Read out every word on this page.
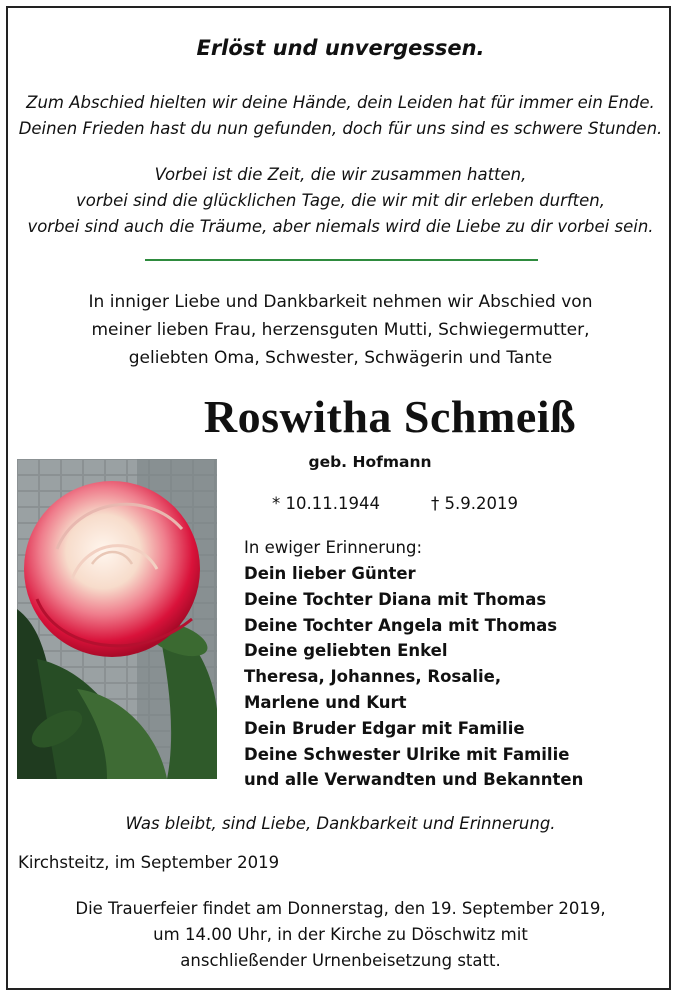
Erlöst und unvergessen.
Zum Abschied hielten wir deine Hände, dein Leiden hat für immer ein Ende.
Deinen Frieden hast du nun gefunden, doch für uns sind es schwere Stunden.
Vorbei ist die Zeit, die wir zusammen hatten,
vorbei sind die glücklichen Tage, die wir mit dir erleben durften,
vorbei sind auch die Träume, aber niemals wird die Liebe zu dir vorbei sein.
In inniger Liebe und Dankbarkeit nehmen wir Abschied von
meiner lieben Frau, herzensguten Mutti, Schwiegermutter,
geliebten Oma, Schwester, Schwägerin und Tante
Roswitha Schmeiß
geb. Hofmann
* 10.11.1944	† 5.9.2019
In ewiger Erinnerung:
Dein lieber Günter
Deine Tochter Diana mit Thomas
Deine Tochter Angela mit Thomas
Deine geliebten Enkel
Theresa, Johannes, Rosalie,
Marlene und Kurt
Dein Bruder Edgar mit Familie
Deine Schwester Ulrike mit Familie
und alle Verwandten und Bekannten
Was bleibt, sind Liebe, Dankbarkeit und Erinnerung.
Kirchsteitz, im September 2019
Die Trauerfeier findet am Donnerstag, den 19. September 2019,
um 14.00 Uhr, in der Kirche zu Döschwitz mit
anschließender Urnenbeisetzung statt.
